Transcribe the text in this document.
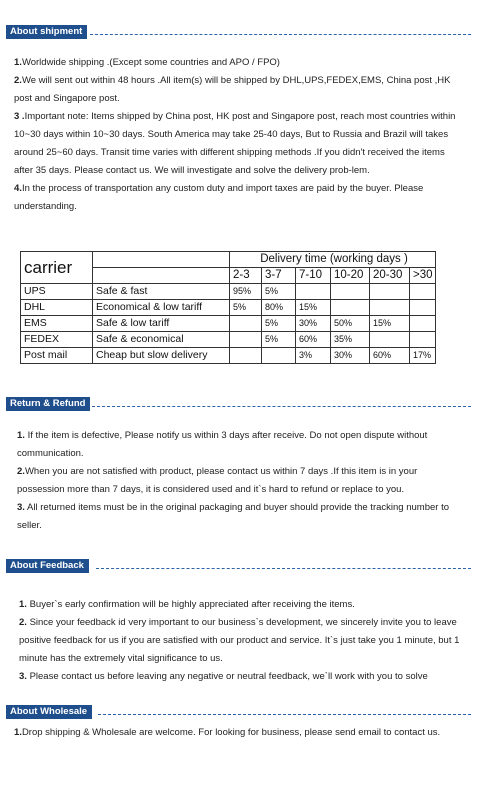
About shipment

1.Worldwide shipping .(Except some countries and APO / FPO)

2.We will sent out within 48 hours .All item(s) will be shipped by DHL,UPS,FEDEX,EMS, China post ,HK post and Singapore post.

3 .Important note: Items shipped by China post, HK post and Singapore post, reach most countries within 10~30 days within 10~30 days. South America may take 25-40 days, But to Russia and Brazil will takes around 25~60 days. Transit time varies with different shipping methods .If you didn't received the items after 35 days. Please contact us. We will investigate and solve the delivery prob-lem.

4.In the process of transportation any custom duty and import taxes are paid by the buyer. Please understanding.

carrier		Delivery time (working days )					
		2-3	3-7	7-10	10-20	20-30	>30
UPS	Safe & fast	95%	5%				
DHL	Economical & low tariff	5%	80%	15%			
EMS	Safe & low tariff		5%	30%	50%	15%	
FEDEX	Safe & economical		5%	60%	35%		
Post mail	Cheap but slow delivery			3%	30%	60%	17%
Return & Refund

1. If the item is defective, Please notify us within 3 days after receive. Do not open dispute without communication.

2.When you are not satisfied with product, please contact us within 7 days .If this item is in your possession more than 7 days, it is considered used and it`s hard to refund or replace to you.

3. All returned items must be in the original packaging and buyer should provide the tracking number to seller.

About Feedback

1. Buyer`s early confirmation will be highly appreciated after receiving the items.

2. Since your feedback id very important to our business`s development, we sincerely invite you to leave positive feedback for us if you are satisfied with our product and service. It`s just take you 1 minute, but 1 minute has the extremely vital significance to us.

3. Please contact us before leaving any negative or neutral feedback, we`ll work with you to solve

About Wholesale

1.Drop shipping & Wholesale are welcome. For looking for business, please send email to contact us.
